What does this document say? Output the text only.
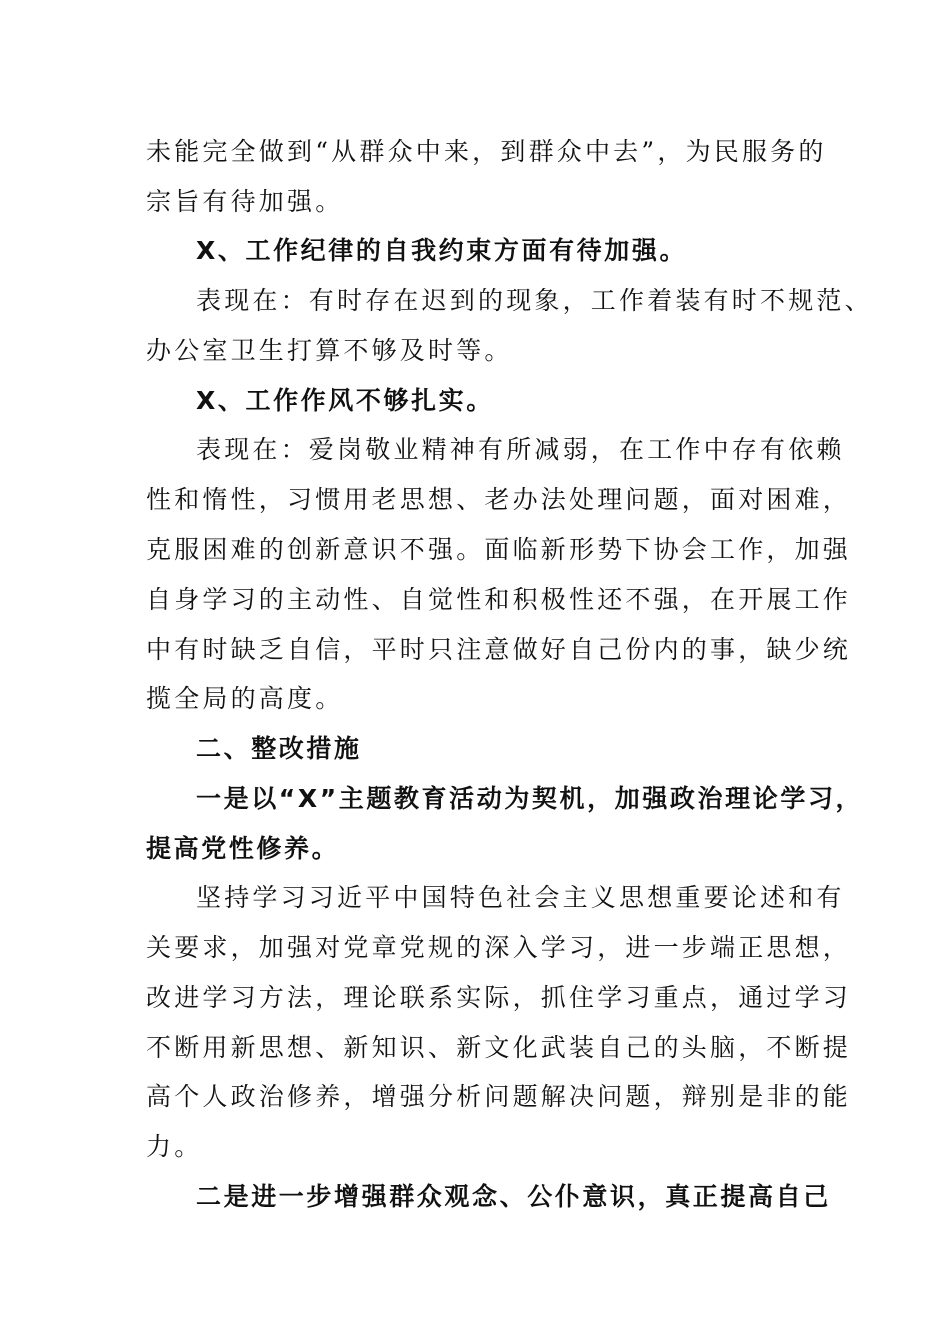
未能完全做到“从群众中来，到群众中去”，为民服务的
宗旨有待加强。
X、工作纪律的自我约束方面有待加强。
表现在：有时存在迟到的现象，工作着装有时不规范、
办公室卫生打算不够及时等。
X、工作作风不够扎实。
表现在：爱岗敬业精神有所减弱，在工作中存有依赖
性和惰性，习惯用老思想、老办法处理问题，面对困难，
克服困难的创新意识不强。面临新形势下协会工作，加强
自身学习的主动性、自觉性和积极性还不强，在开展工作
中有时缺乏自信，平时只注意做好自己份内的事，缺少统
揽全局的高度。
二、整改措施
一是以“X”主题教育活动为契机，加强政治理论学习，
提高党性修养。
坚持学习习近平中国特色社会主义思想重要论述和有
关要求，加强对党章党规的深入学习，进一步端正思想，
改进学习方法，理论联系实际，抓住学习重点，通过学习
不断用新思想、新知识、新文化武装自己的头脑，不断提
高个人政治修养，增强分析问题解决问题，辩别是非的能
力。
二是进一步增强群众观念、公仆意识，真正提高自己
